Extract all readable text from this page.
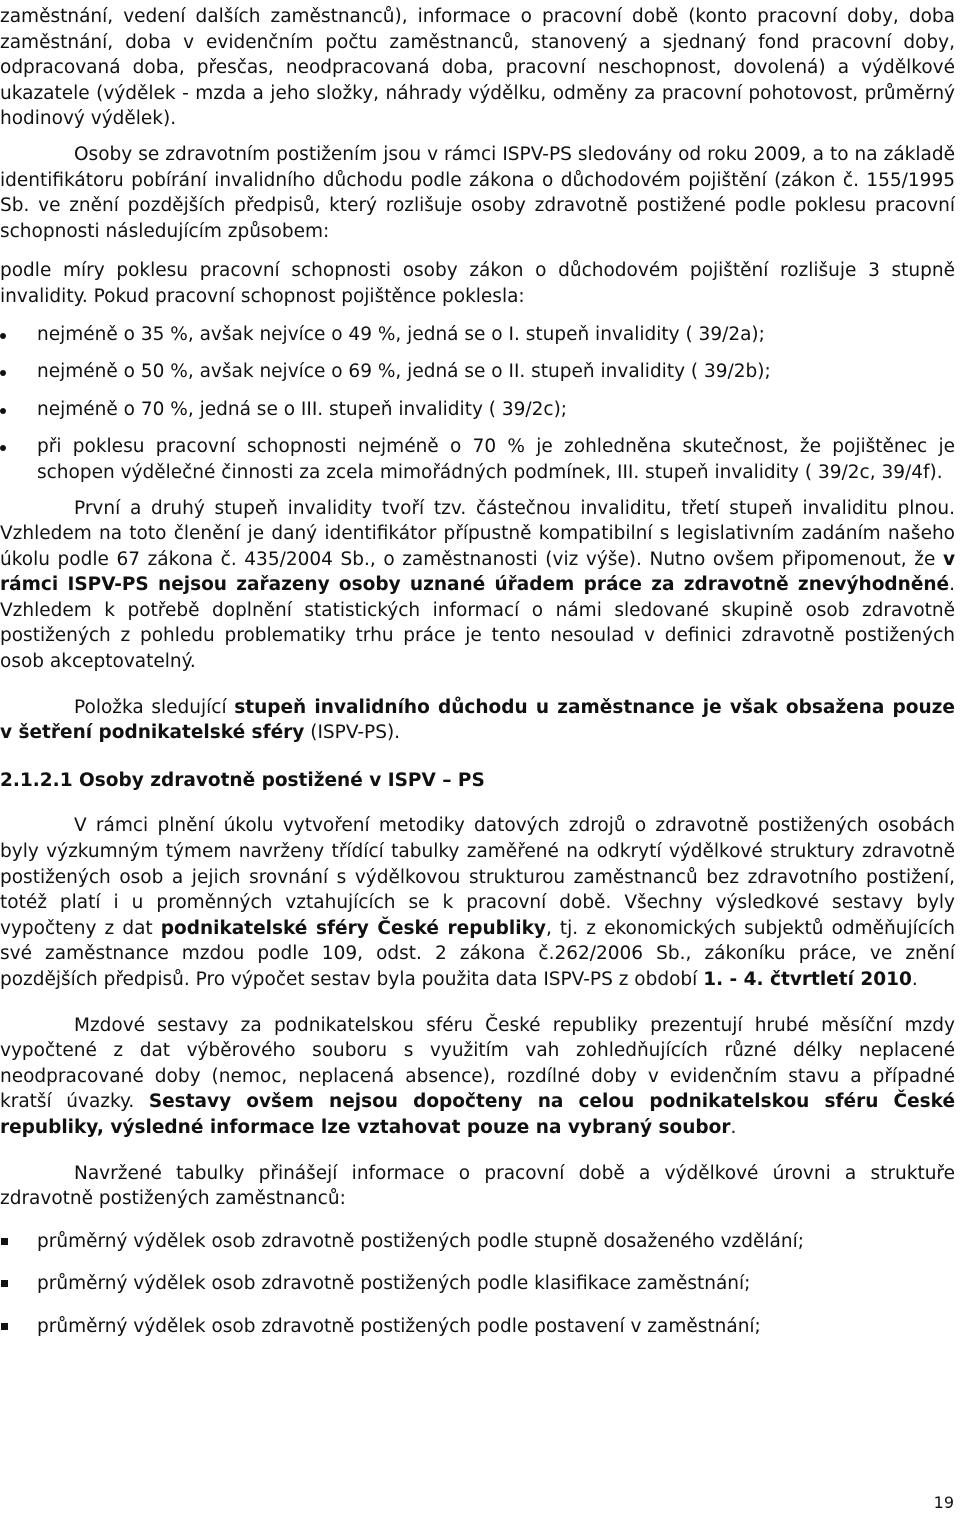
zaměstnání, vedení dalších zaměstnanců), informace o pracovní době (konto pracovní doby, doba zaměstnání, doba v evidenčním počtu zaměstnanců, stanovený a sjednaný fond pracovní doby, odpracovaná doba, přesčas, neodpracovaná doba, pracovní neschopnost, dovolená) a výdělkové ukazatele (výdělek - mzda a jeho složky, náhrady výdělku, odměny za pracovní pohotovost, průměrný hodinový výdělek).

Osoby se zdravotním postižením jsou v rámci ISPV-PS sledovány od roku 2009, a to na základě identifikátoru pobírání invalidního důchodu podle zákona o důchodovém pojištění (zákon č. 155/1995 Sb. ve znění pozdějších předpisů, který rozlišuje osoby zdravotně postižené podle poklesu pracovní schopnosti následujícím způsobem:

podle míry poklesu pracovní schopnosti osoby zákon o důchodovém pojištění rozlišuje 3 stupně invalidity. Pokud pracovní schopnost pojištěnce poklesla:

nejméně o 35 %, avšak nejvíce o 49 %, jedná se o I. stupeň invalidity ( 39/2a);
nejméně o 50 %, avšak nejvíce o 69 %, jedná se o II. stupeň invalidity ( 39/2b);
nejméně o 70 %, jedná se o III. stupeň invalidity ( 39/2c);
při poklesu pracovní schopnosti nejméně o 70 % je zohledněna skutečnost, že pojištěnec je schopen výdělečné činnosti za zcela mimořádných podmínek, III. stupeň invalidity ( 39/2c, 39/4f).

První a druhý stupeň invalidity tvoří tzv. částečnou invaliditu, třetí stupeň invaliditu plnou. Vzhledem na toto členění je daný identifikátor přípustně kompatibilní s legislativním zadáním našeho úkolu podle 67 zákona č. 435/2004 Sb., o zaměstnanosti (viz výše). Nutno ovšem připomenout, že v rámci ISPV-PS nejsou zařazeny osoby uznané úřadem práce za zdravotně znevýhodněné. Vzhledem k potřebě doplnění statistických informací o námi sledované skupině osob zdravotně postižených z pohledu problematiky trhu práce je tento nesoulad v definici zdravotně postižených osob akceptovatelný.

Položka sledující stupeň invalidního důchodu u zaměstnance je však obsažena pouze v šetření podnikatelské sféry (ISPV-PS).

2.1.2.1 Osoby zdravotně postižené v ISPV – PS

V rámci plnění úkolu vytvoření metodiky datových zdrojů o zdravotně postižených osobách byly výzkumným týmem navrženy třídící tabulky zaměřené na odkrytí výdělkové struktury zdravotně postižených osob a jejich srovnání s výdělkovou strukturou zaměstnanců bez zdravotního postižení, totéž platí i u proměnných vztahujících se k pracovní době. Všechny výsledkové sestavy byly vypočteny z dat podnikatelské sféry České republiky, tj. z ekonomických subjektů odměňujících své zaměstnance mzdou podle 109, odst. 2 zákona č.262/2006 Sb., zákoníku práce, ve znění pozdějších předpisů. Pro výpočet sestav byla použita data ISPV-PS z období 1. - 4. čtvrtletí 2010.

Mzdové sestavy za podnikatelskou sféru České republiky prezentují hrubé měsíční mzdy vypočtené z dat výběrového souboru s využitím vah zohledňujících různé délky neplacené neodpracované doby (nemoc, neplacená absence), rozdílné doby v evidenčním stavu a případné kratší úvazky. Sestavy ovšem nejsou dopočteny na celou podnikatelskou sféru České republiky, výsledné informace lze vztahovat pouze na vybraný soubor.

Navržené tabulky přinášejí informace o pracovní době a výdělkové úrovni a struktuře zdravotně postižených zaměstnanců:

průměrný výdělek osob zdravotně postižených podle stupně dosaženého vzdělání;
průměrný výdělek osob zdravotně postižených podle klasifikace zaměstnání;
průměrný výdělek osob zdravotně postižených podle postavení v zaměstnání;
19
